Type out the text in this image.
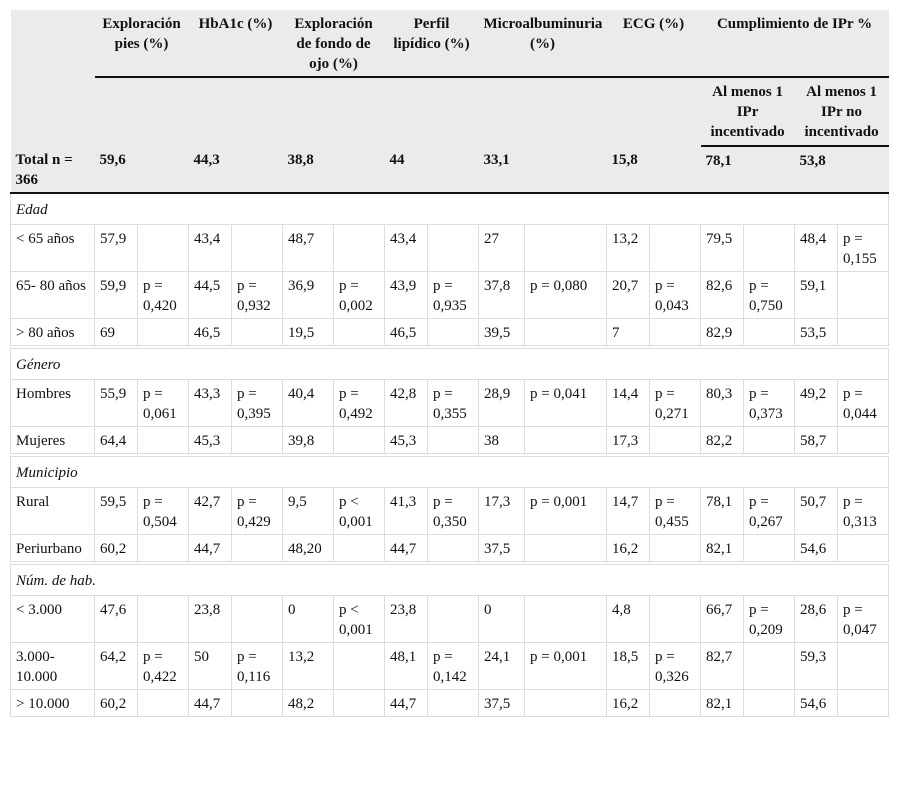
	Exploración pies (%)		HbA1c (%)		Exploración de fondo de ojo (%)		Perfil lipídico (%)		Microalbuminuria (%)		ECG (%)		Cumplimiento de IPr %			
													Al menos 1 IPr incentivado		Al menos 1 IPr no incentivado	
Total n = 366	59,6		44,3		38,8		44		33,1		15,8		78,1		53,8	
Edad																
< 65 años	57,9		43,4		48,7		43,4		27		13,2		79,5		48,4	p = 0,155
65- 80 años	59,9	p = 0,420	44,5	p = 0,932	36,9	p = 0,002	43,9	p = 0,935	37,8	p = 0,080	20,7	p = 0,043	82,6	p = 0,750	59,1	
> 80 años	69		46,5		19,5		46,5		39,5		7		82,9		53,5	

Género																
Hombres	55,9	p = 0,061	43,3	p = 0,395	40,4	p = 0,492	42,8	p = 0,355	28,9	p = 0,041	14,4	p = 0,271	80,3	p = 0,373	49,2	p = 0,044
Mujeres	64,4		45,3		39,8		45,3		38		17,3		82,2		58,7	

Municipio																
Rural	59,5	p = 0,504	42,7	p = 0,429	9,5	p < 0,001	41,3	p = 0,350	17,3	p = 0,001	14,7	p = 0,455	78,1	p = 0,267	50,7	p = 0,313
Periurbano	60,2		44,7		48,20		44,7		37,5		16,2		82,1		54,6	

Núm. de hab.																
< 3.000	47,6		23,8		0	p < 0,001	23,8		0		4,8		66,7	p = 0,209	28,6	p = 0,047
3.000-10.000	64,2	p = 0,422	50	p = 0,116	13,2		48,1	p = 0,142	24,1	p = 0,001	18,5	p = 0,326	82,7		59,3	
> 10.000	60,2		44,7		48,2		44,7		37,5		16,2		82,1		54,6	
